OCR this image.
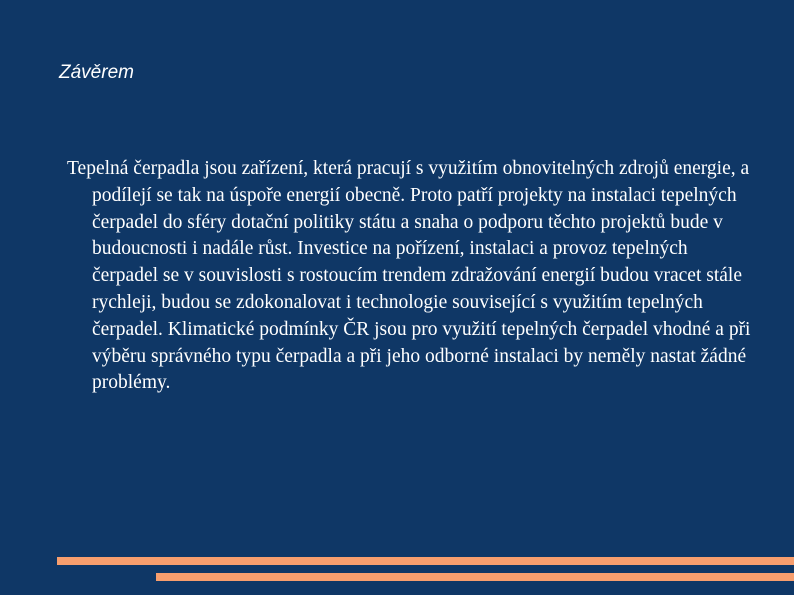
Závěrem

Tepelná čerpadla jsou zařízení, která pracují s využitím obnovitelných zdrojů energie, a podílejí se tak na úspoře energií obecně. Proto patří projekty na instalaci tepelných čerpadel do sféry dotační politiky státu a snaha o podporu těchto projektů bude v budoucnosti i nadále růst. Investice na pořízení, instalaci a provoz tepelných čerpadel se v souvislosti s rostoucím trendem zdražování energií budou vracet stále rychleji, budou se zdokonalovat i technologie související s využitím tepelných čerpadel. Klimatické podmínky ČR jsou pro využití tepelných čerpadel vhodné a při výběru správného typu čerpadla a při jeho odborné instalaci by neměly nastat žádné problémy.
